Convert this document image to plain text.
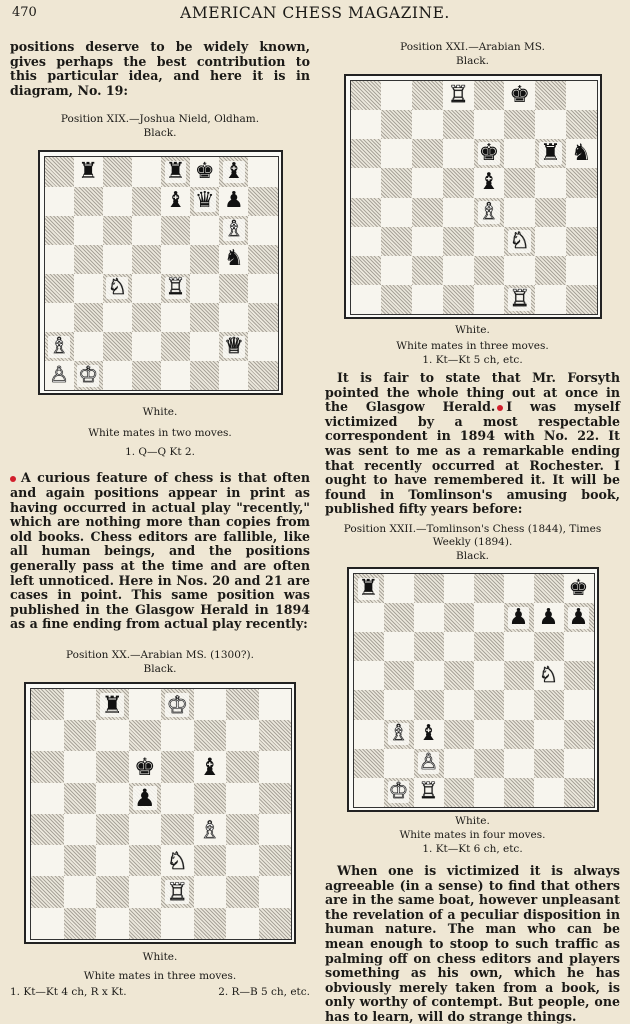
470	AMERICAN CHESS MAGAZINE.

positions deserve to be widely known, gives perhaps the best contribution to this particular idea, and here it is in diagram, No. 19:

Position XIX.—Joshua Nield, Oldham.
Black.
♜	♜ ♚ ♝
♝ ♛ ♟
♗
♞
♘ ♖
♗	♕
♙ ♔
White.
White mates in two moves.
1. Q—Q Kt 2.

A curious feature of chess is that often and again positions appear in print as having occurred in actual play "recently," which are nothing more than copies from old books. Chess editors are fallible, like all human beings, and the positions generally pass at the time and are often left unnoticed. Here in Nos. 20 and 21 are cases in point. This same position was published in the Glasgow Herald in 1894 as a fine ending from actual play recently:

Position XX.—Arabian MS. (1300?).
Black.
♜ ♔
♚ ♝
♟
♗
♘
♖
White.
White mates in three moves.
1. Kt—Kt 4 ch, R x Kt.	2. R—B 5 ch, etc.
Position XXI.—Arabian MS.
Black.
♖ ♚
♚ ♜ ♞
♝
♗
♘
♖
White.
White mates in three moves.
1. Kt—Kt 5 ch, etc.

It is fair to state that Mr. Forsyth pointed the whole thing out at once in the Glasgow Herald. I was myself victimized by a most respectable correspondent in 1894 with No. 22. It was sent to me as a remarkable ending that recently occurred at Rochester. I ought to have remembered it. It will be found in Tomlinson's amusing book, published fifty years before:

Position XXII.—Tomlinson's Chess (1844), Times Weekly (1894).
Black.
♜	♚
♟ ♟ ♟
♘
♗ ♝
♙
♔ ♖
White.
White mates in four moves.
1. Kt—Kt 6 ch, etc.

When one is victimized it is always agreeable (in a sense) to find that others are in the same boat, however unpleasant the revelation of a peculiar disposition in human nature. The man who can be mean enough to stoop to such traffic as palming off on chess editors and players something as his own, which he has obviously merely taken from a book, is only worthy of contempt. But people, one has to learn, will do strange things.
